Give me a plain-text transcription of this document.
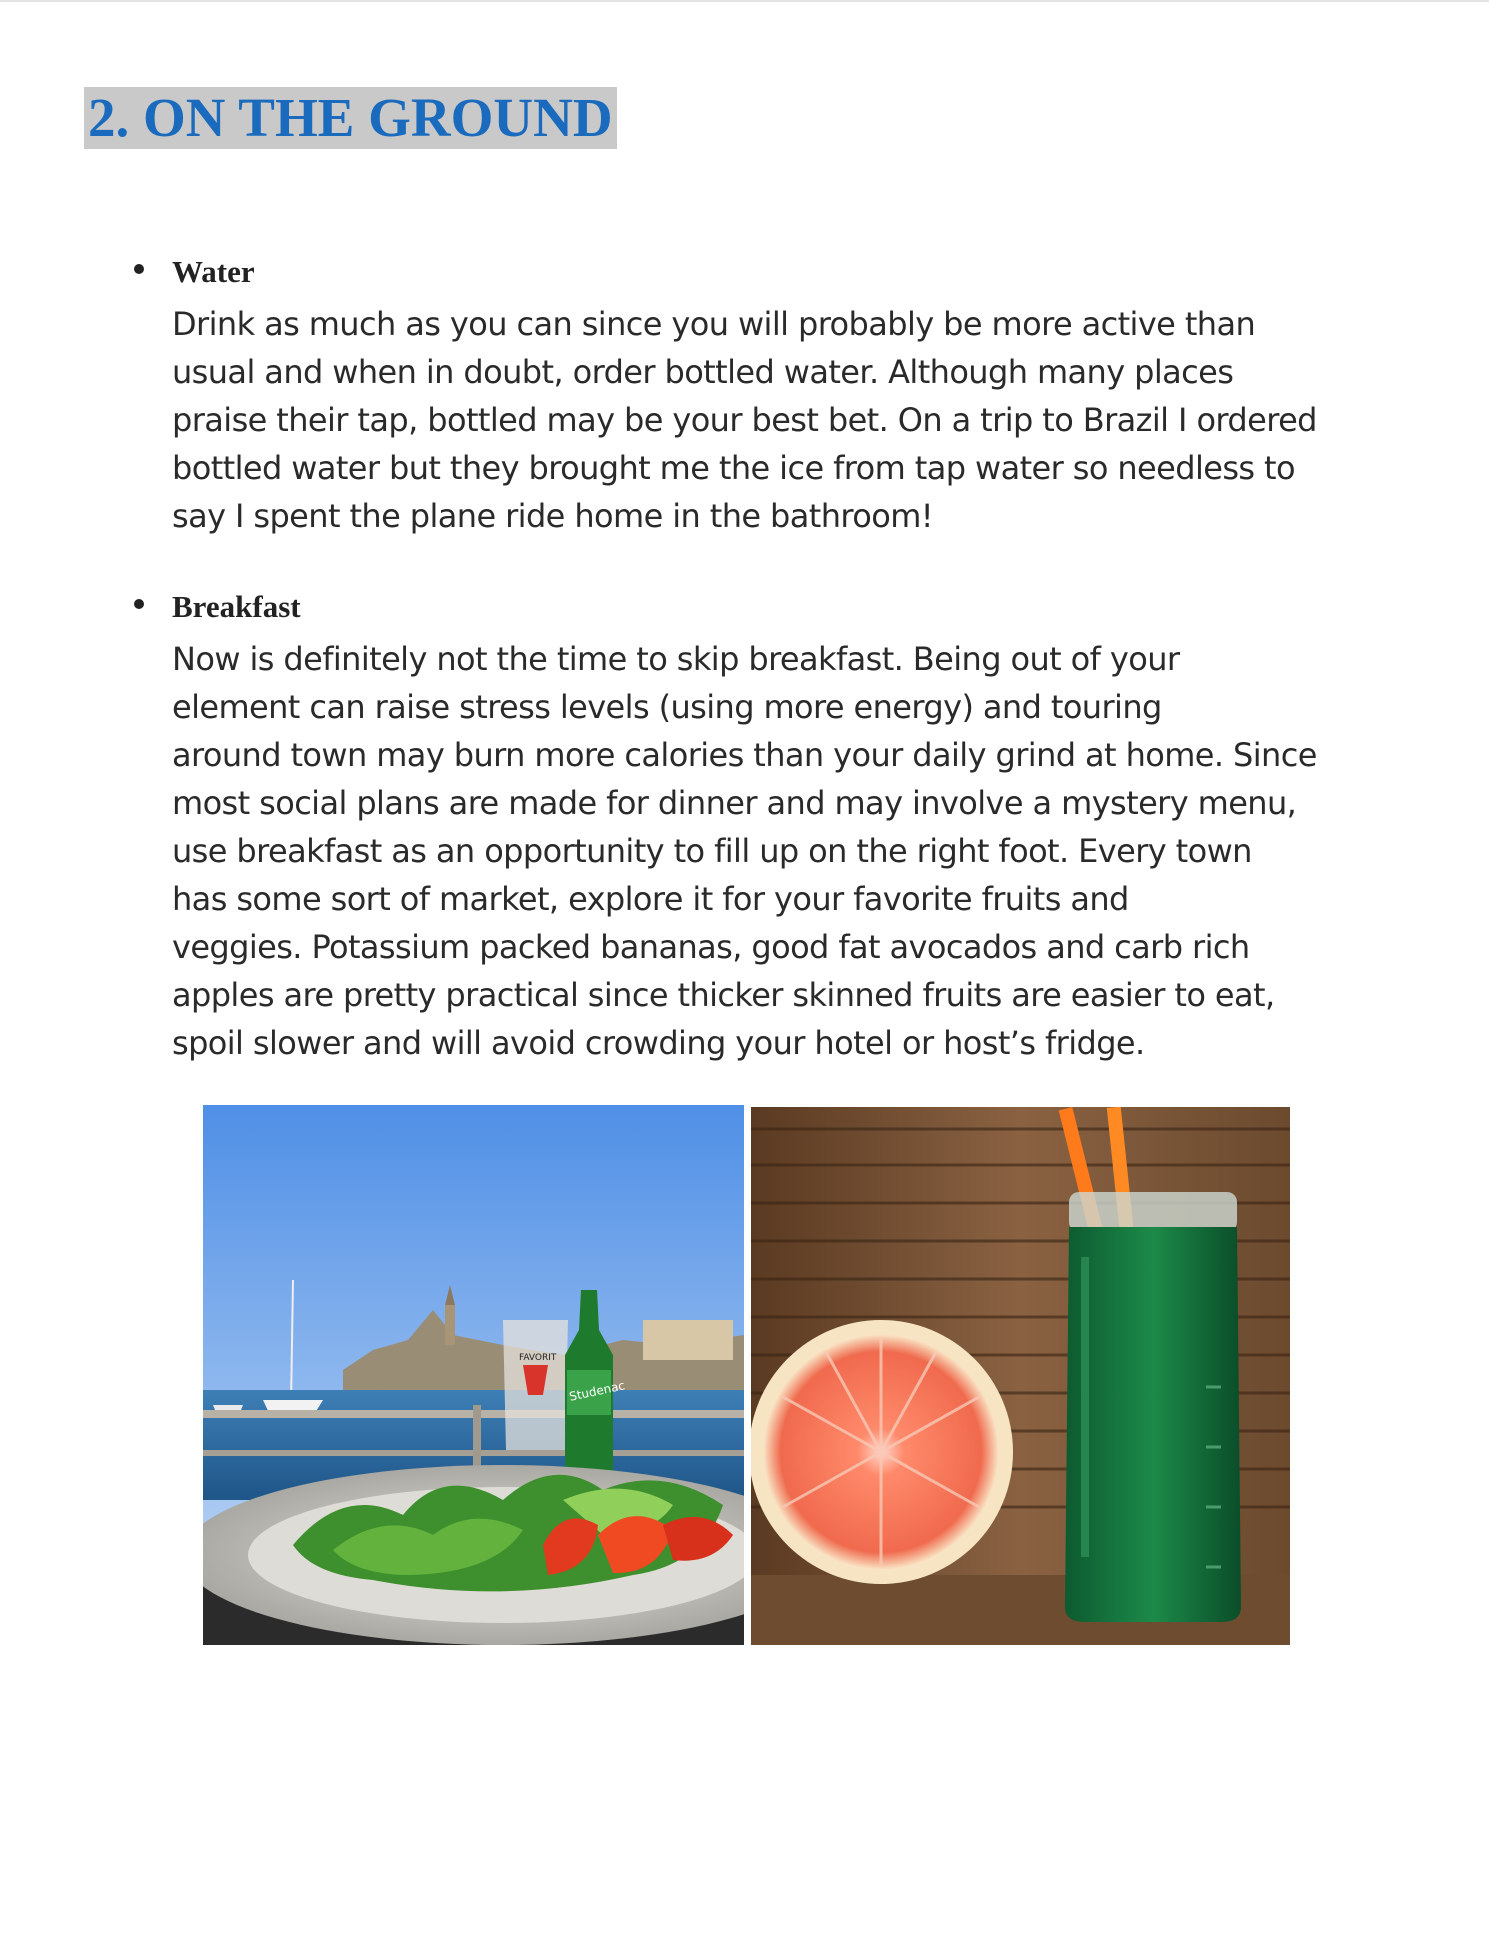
2. ON THE GROUND
Water
Drink as much as you can since you will probably be more active than
usual and when in doubt, order bottled water. Although many places
praise their tap, bottled may be your best bet. On a trip to Brazil I ordered
bottled water but they brought me the ice from tap water so needless to
say I spent the plane ride home in the bathroom!
Breakfast
Now is definitely not the time to skip breakfast. Being out of your
element can raise stress levels (using more energy) and touring
around town may burn more calories than your daily grind at home. Since
most social plans are made for dinner and may involve a mystery menu,
use breakfast as an opportunity to fill up on the right foot. Every town
has some sort of market, explore it for your favorite fruits and
veggies. Potassium packed bananas, good fat avocados and carb rich
apples are pretty practical since thicker skinned fruits are easier to eat,
spoil slower and will avoid crowding your hotel or host’s fridge.
FAVORIT
Studenac
